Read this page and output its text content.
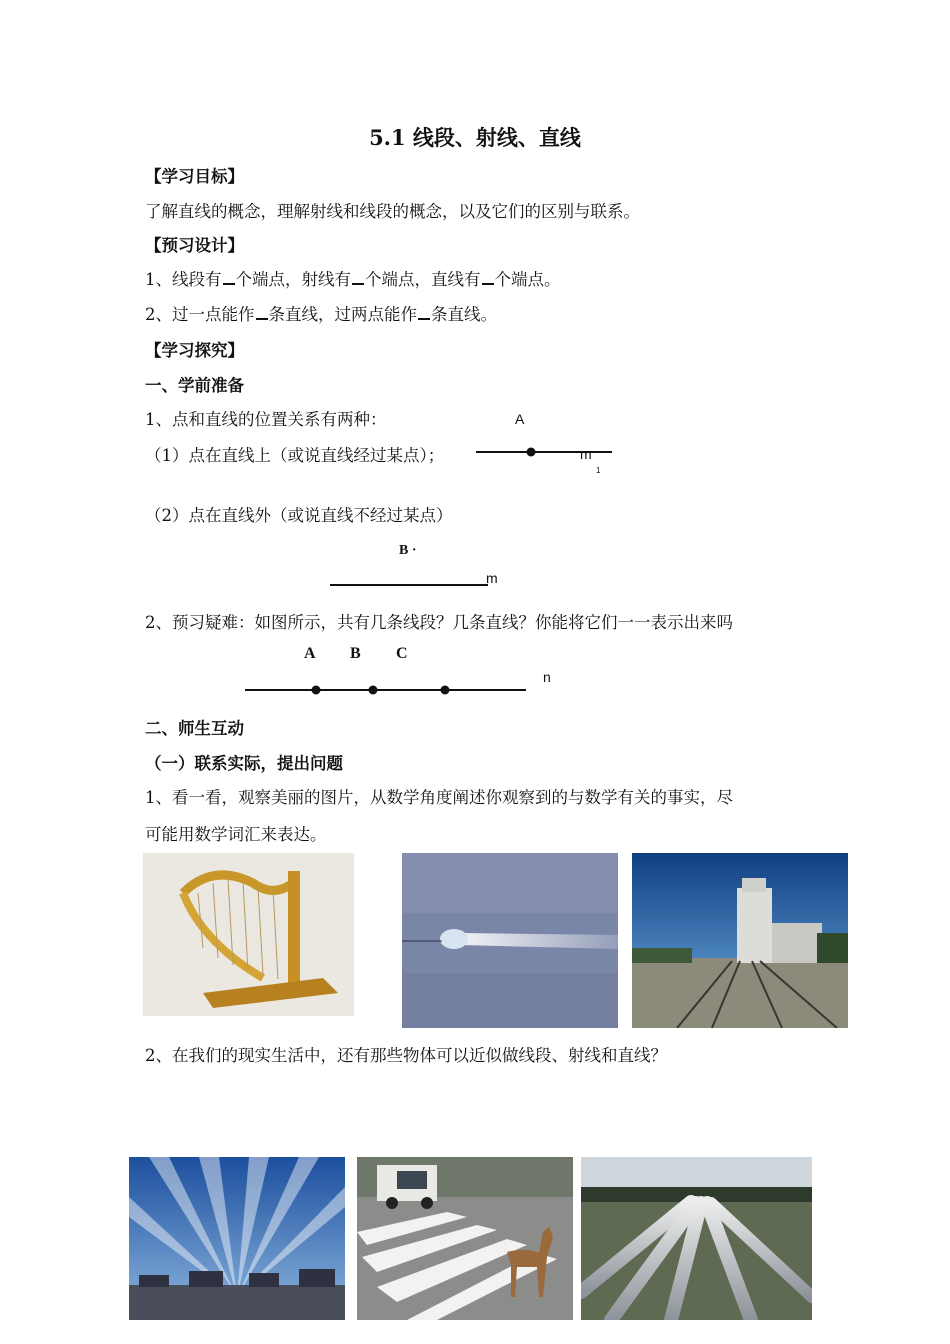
5.1 线段、射线、直线
【学习目标】
了解直线的概念，理解射线和线段的概念，以及它们的区别与联系。
【预习设计】
1、线段有 个端点，射线有 个端点，直线有 个端点。
2、过一点能作 条直线，过两点能作 条直线。
【学习探究】
一、学前准备
1、点和直线的位置关系有两种：
（1）点在直线上（或说直线经过某点）；
A
m
1
（2）点在直线外（或说直线不经过某点）
B ·
m
2、预习疑难：如图所示，共有几条线段？几条直线？你能将它们一一表示出来吗
A B C
n
二、师生互动
（一）联系实际，提出问题
1、看一看，观察美丽的图片，从数学角度阐述你观察到的与数学有关的事实，尽
可能用数学词汇来表达。
2、在我们的现实生活中，还有那些物体可以近似做线段、射线和直线？
